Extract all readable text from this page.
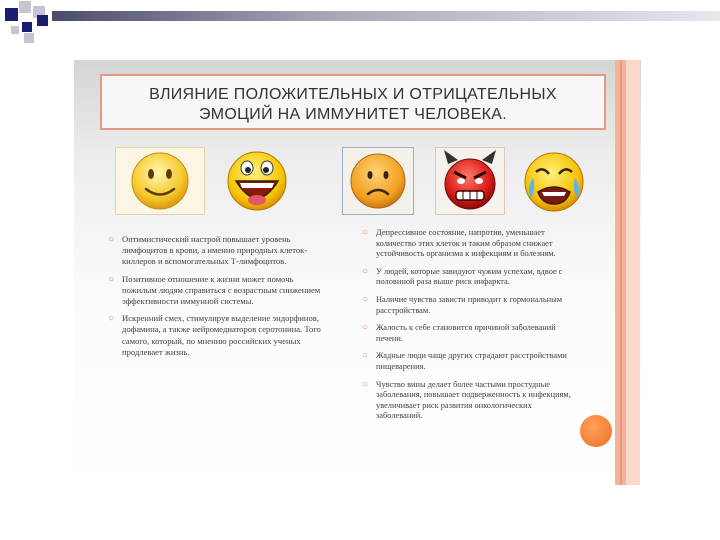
ВЛИЯНИЕ ПОЛОЖИТЕЛЬНЫХ И ОТРИЦАТЕЛЬНЫХ
ЭМОЦИЙ НА ИММУНИТЕТ ЧЕЛОВЕКА.
○ Оптимистический настрой повышает уровень лимфоцитов в крови, а именно природных клеток-киллеров и вспомогательных Т-лимфоцитов.
○ Позитивное отношение к жизни может помочь пожилым людям справиться с возрастным снижением эффективности иммунной системы.
○ Искренний смех, стимулируя выделение эндорфинов, дофамина, а также нейромедиаторов серотонина. Того самого, который, по мнению российских ученых продлевает жизнь.
○ Депрессивное состояние, напротив, уменьшает количество этих клеток и таким образом снижает устойчивость организма к инфекциям и болезням.
○ У людей, которые завидуют чужим успехам, вдвое с половиной раза выше риск инфаркта.
○ Наличие чувства зависти приводит к гормональным расстройствам.
○ Жалость к себе становится причиной заболеваний печени.
○ Жадные люди чаще других страдают расстройствами пищеварения.
○ Чувство вины делает более частыми простудные заболевания, повышает подверженность к инфекциям, увеличивает риск развития онкологических заболеваний.
